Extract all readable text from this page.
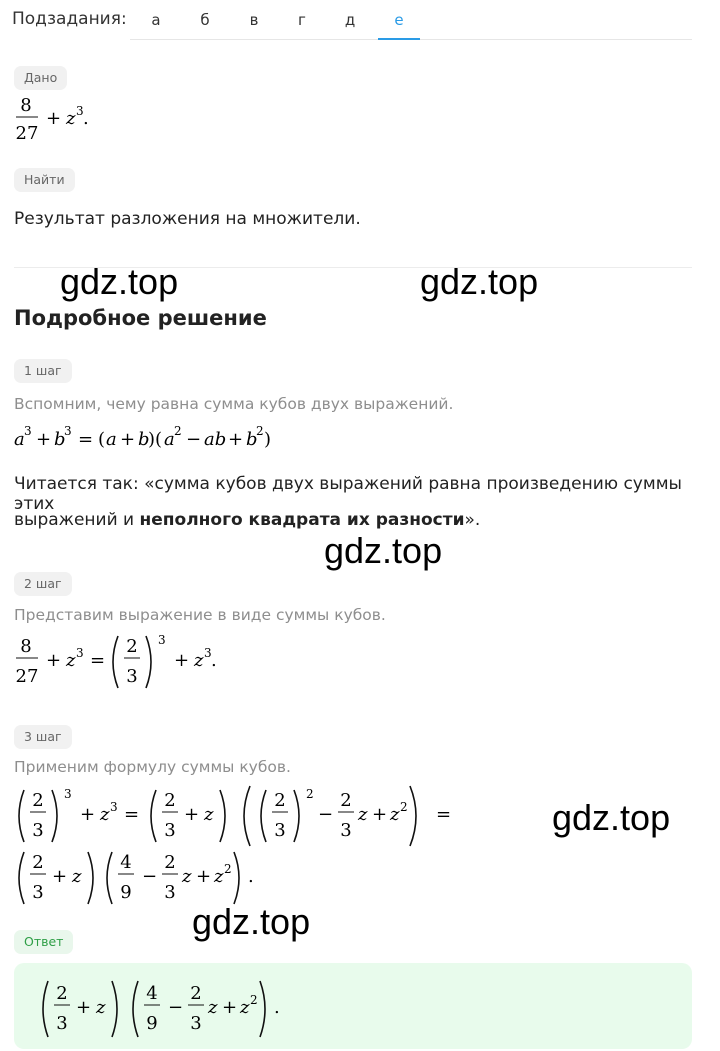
Подзадания:	а	б	в	г	д	е
Дано
8
27
+ z 3 .
Найти
Результат разложения на множители.
gdz.top	gdz.top
gdz.top
gdz.top
gdz.top
Подробное решение
1 шаг
Вспомним, чему равна сумма кубов двух выражений.
a 3 + b
3 = ( a + b
)( a 2 − ab + b
2 )
Читается так: «сумма кубов двух выражений равна произведению суммы этих
выражений и неполного квадрата их разности».
2 шаг
Представим выражение в виде суммы кубов.
8
27
+ z 3 =
2
3
3
+ z 3 .
3 шаг
Применим формулу суммы кубов.
2
3
3
+ z 3 =
2
3
+ z
2
3
2
−
2
3
z + z 2 =
2
3
+ z
4
9
−
2
3
z + z 2 .
Ответ
2
3
+ z
4
9
−
2
3
z + z 2 .
